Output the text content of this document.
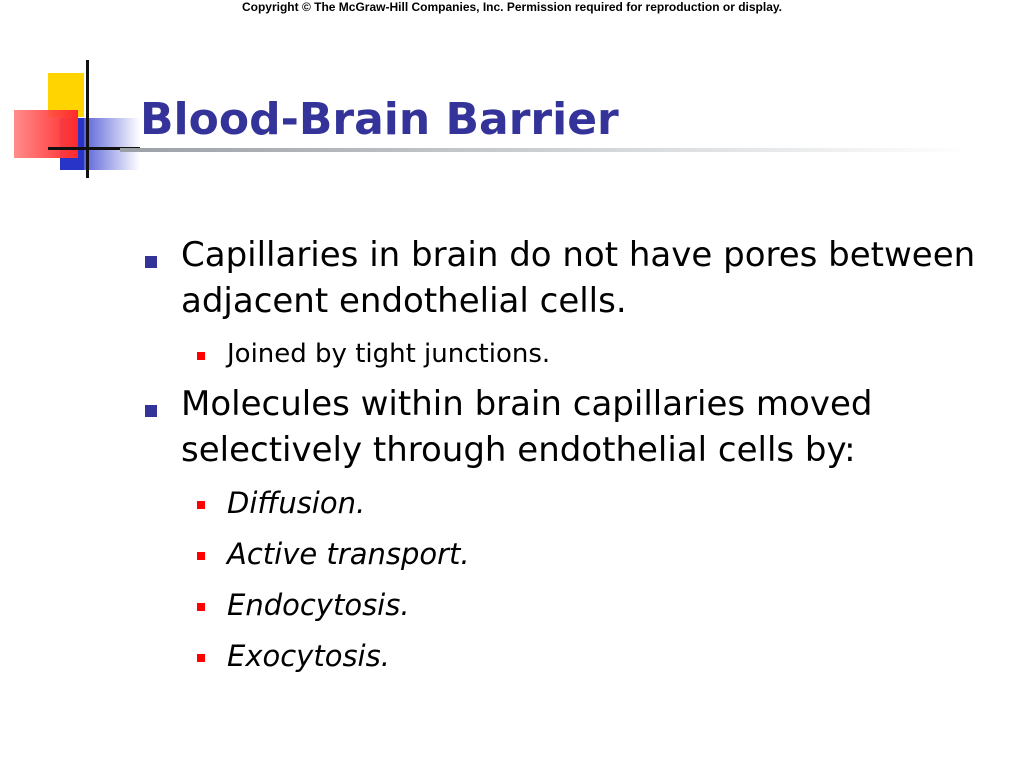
Copyright © The McGraw-Hill Companies, Inc. Permission required for reproduction or display.
Blood-Brain Barrier
Capillaries in brain do not have pores between adjacent endothelial cells.
Joined by tight junctions.
Molecules within brain capillaries moved selectively through endothelial cells by:
Diffusion.
Active transport.
Endocytosis.
Exocytosis.
